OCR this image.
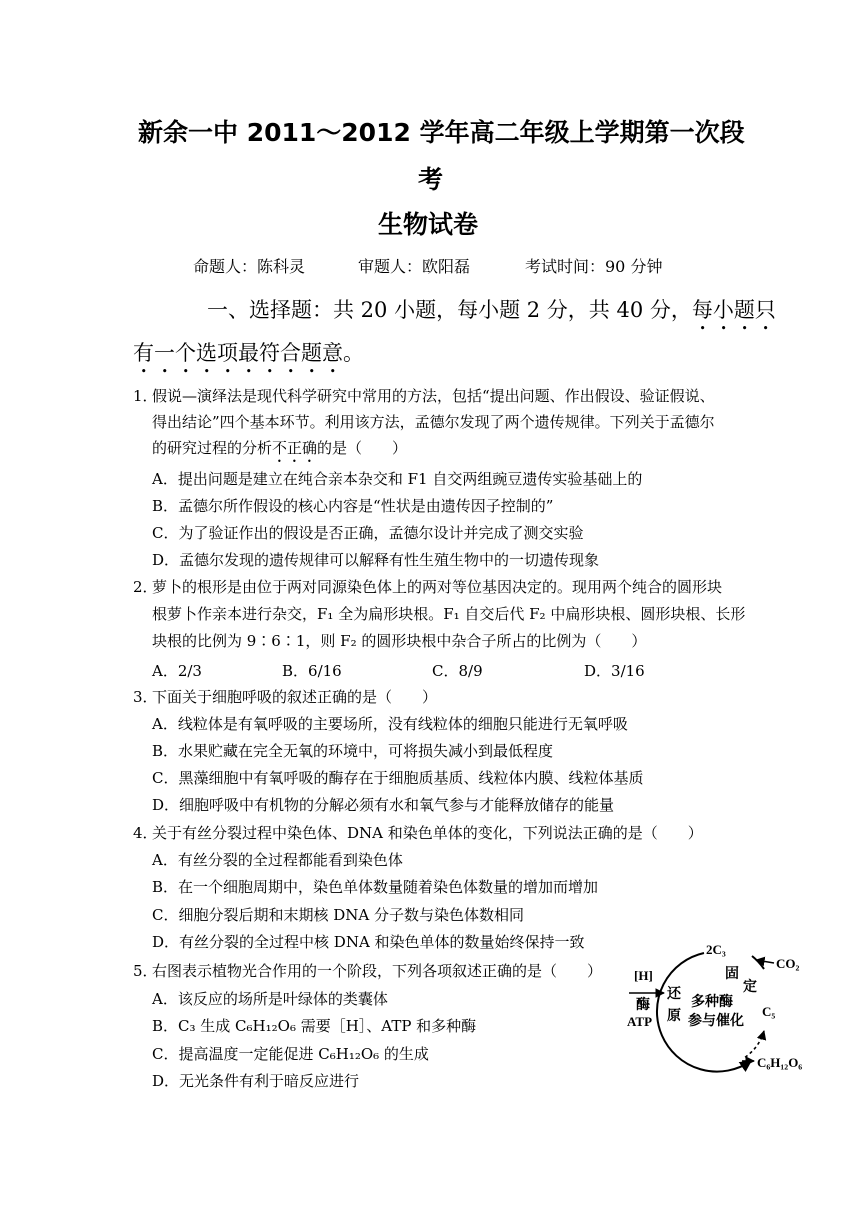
新余一中 2011～2012 学年高二年级上学期第一次段
考
生物试卷
命题人：陈科灵	审题人：欧阳磊	考试时间：90 分钟
一、选择题：共 20 小题，每小题 2 分，共 40 分，每小题只
有一个选项最符合题意。
1．
假说—演绎法是现代科学研究中常用的方法，包括“提出问题、作出假设、验证假说、
得出结论”四个基本环节。利用该方法，孟德尔发现了两个遗传规律。下列关于孟德尔
的研究过程的分析不正确的是（　　）
A．提出问题是建立在纯合亲本杂交和 F1 自交两组豌豆遗传实验基础上的
B．孟德尔所作假设的核心内容是“性状是由遗传因子控制的”
C．为了验证作出的假设是否正确，孟德尔设计并完成了测交实验
D．孟德尔发现的遗传规律可以解释有性生殖生物中的一切遗传现象
2．
萝卜的根形是由位于两对同源染色体上的两对等位基因决定的。现用两个纯合的圆形块
根萝卜作亲本进行杂交，F₁ 全为扁形块根。F₁ 自交后代 F₂ 中扁形块根、圆形块根、长形
块根的比例为 9∶6∶1，则 F₂ 的圆形块根中杂合子所占的比例为（　　）
A．2/3	B．6/16	C．8/9	D．3/16
3．
下面关于细胞呼吸的叙述正确的是（　　）
A．线粒体是有氧呼吸的主要场所，没有线粒体的细胞只能进行无氧呼吸
B．水果贮藏在完全无氧的环境中，可将损失减小到最低程度
C．黑藻细胞中有氧呼吸的酶存在于细胞质基质、线粒体内膜、线粒体基质
D．细胞呼吸中有机物的分解必须有水和氧气参与才能释放储存的能量
4．
关于有丝分裂过程中染色体、DNA 和染色单体的变化，下列说法正确的是（　　）
A．有丝分裂的全过程都能看到染色体
B．在一个细胞周期中，染色单体数量随着染色体数量的增加而增加
C．细胞分裂后期和末期核 DNA 分子数与染色体数相同
D．有丝分裂的全过程中核 DNA 和染色单体的数量始终保持一致
5．
右图表示植物光合作用的一个阶段，下列各项叙述正确的是（　　）
A．该反应的场所是叶绿体的类囊体
B．C₃ 生成 C₆H₁₂O₆ 需要［H］、ATP 和多种酶
C．提高温度一定能促进 C₆H₁₂O₆ 的生成
D．无光条件有利于暗反应进行
2C₃
CO₂
固
定
[H]
酶
ATP
还
原
多种酶
参与催化
C₅
C₆H₁₂O₆
